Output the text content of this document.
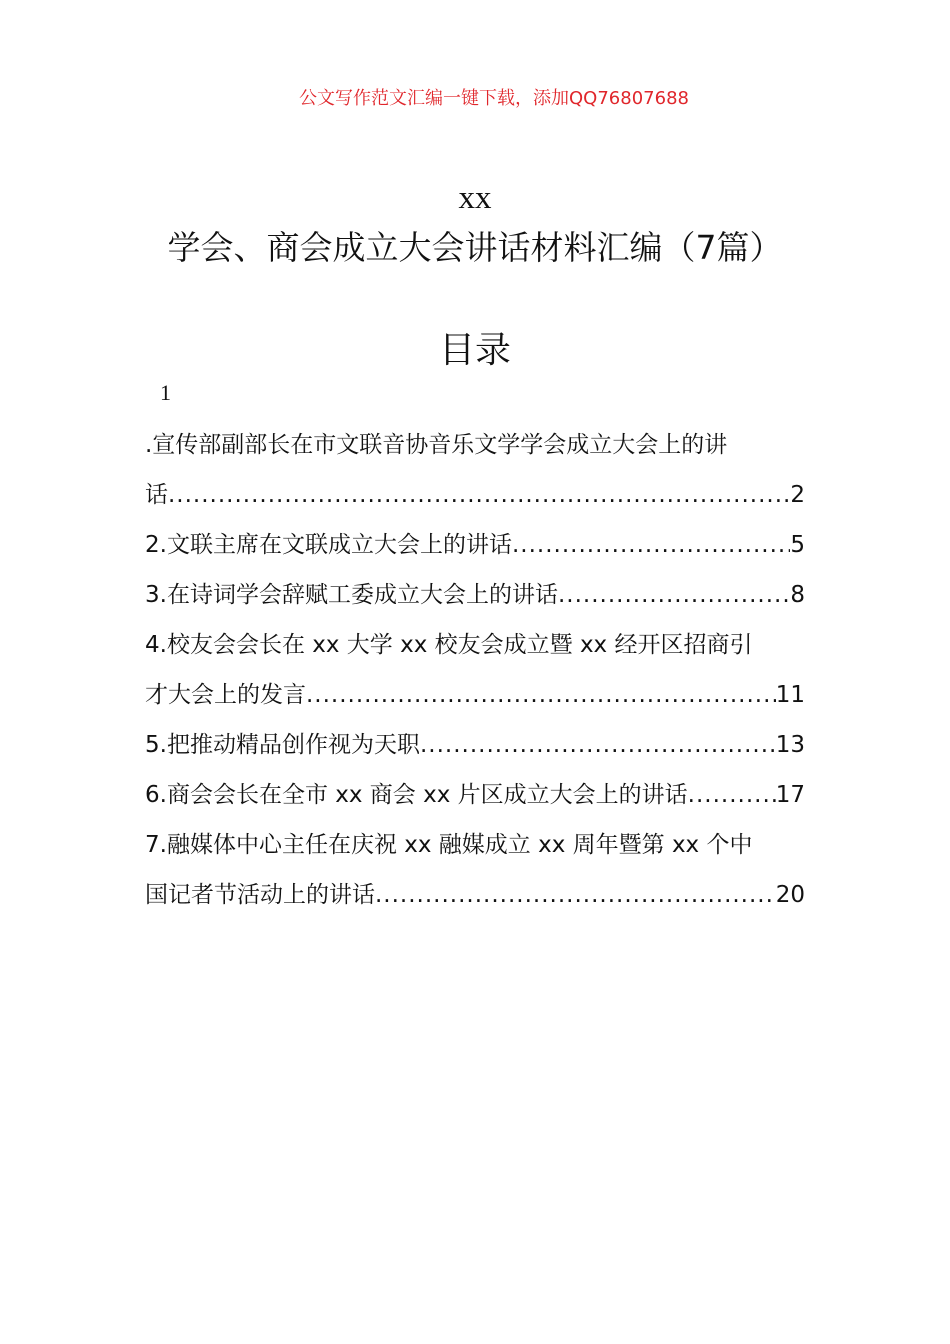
公文写作范文汇编一键下载，添加QQ76807688
xx 学会、商会成立大会讲话材料汇编（7篇）
目录
1
.宣传部副部长在市文联音协音乐文学学会成立大会上的讲
话 .....	2
2.文联主席在文联成立大会上的讲话 .....	5
3.在诗词学会辞赋工委成立大会上的讲话 .....	8
4.校友会会长在 xx 大学 xx 校友会成立暨 xx 经开区招商引
才大会上的发言 .....	11
5.把推动精品创作视为天职 .....	13
6.商会会长在全市 xx 商会 xx 片区成立大会上的讲话 .....	17
7.融媒体中心主任在庆祝 xx 融媒成立 xx 周年暨第 xx 个中
国记者节活动上的讲话 .....	20
